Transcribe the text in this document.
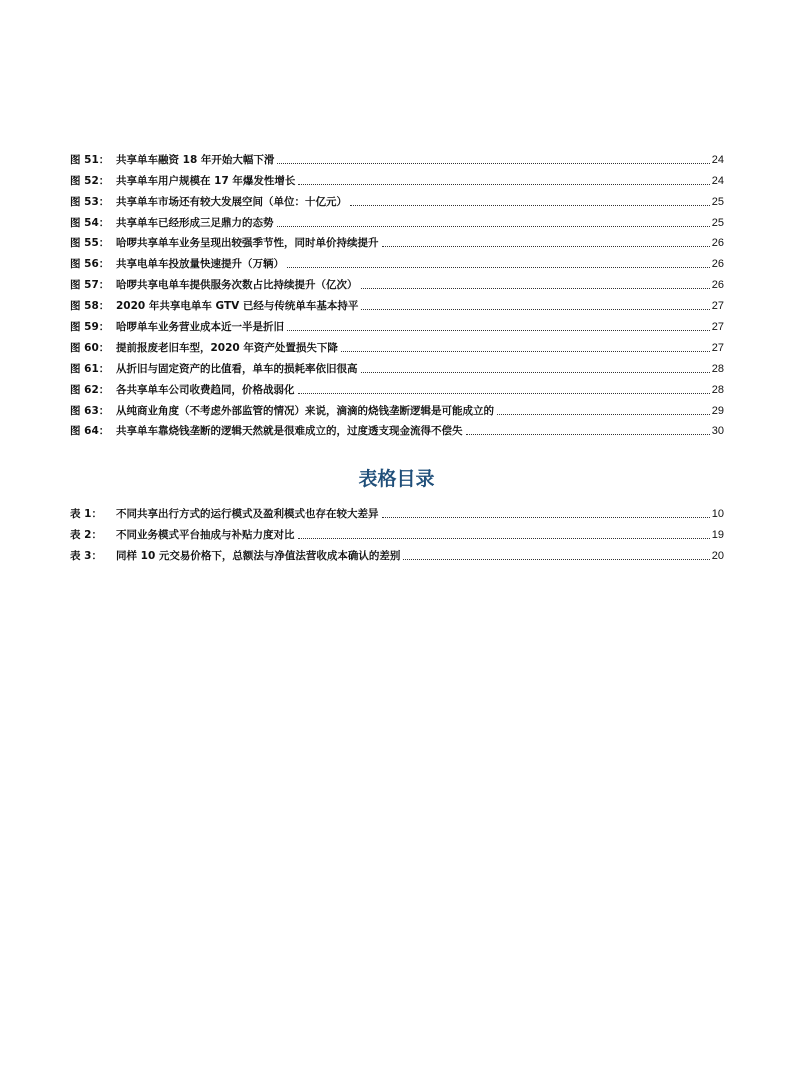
图 51： 共享单车融资 18 年开始大幅下滑	24
图 52： 共享单车用户规模在 17 年爆发性增长	24
图 53： 共享单车市场还有较大发展空间（单位：十亿元）	25
图 54： 共享单车已经形成三足鼎力的态势	25
图 55： 哈啰共享单车业务呈现出较强季节性，同时单价持续提升	26
图 56： 共享电单车投放量快速提升（万辆）	26
图 57： 哈啰共享电单车提供服务次数占比持续提升（亿次）	26
图 58： 2020 年共享电单车 GTV 已经与传统单车基本持平	27
图 59： 哈啰单车业务营业成本近一半是折旧	27
图 60： 提前报废老旧车型，2020 年资产处置损失下降	27
图 61： 从折旧与固定资产的比值看，单车的损耗率依旧很高	28
图 62： 各共享单车公司收费趋同，价格战弱化	28
图 63： 从纯商业角度（不考虑外部监管的情况）来说，滴滴的烧钱垄断逻辑是可能成立的	29
图 64： 共享单车靠烧钱垄断的逻辑天然就是很难成立的，过度透支现金流得不偿失	30
表格目录
表 1：	不同共享出行方式的运行模式及盈利模式也存在较大差异	10
表 2：	不同业务模式平台抽成与补贴力度对比	19
表 3：	同样 10 元交易价格下，总额法与净值法营收成本确认的差别	20
